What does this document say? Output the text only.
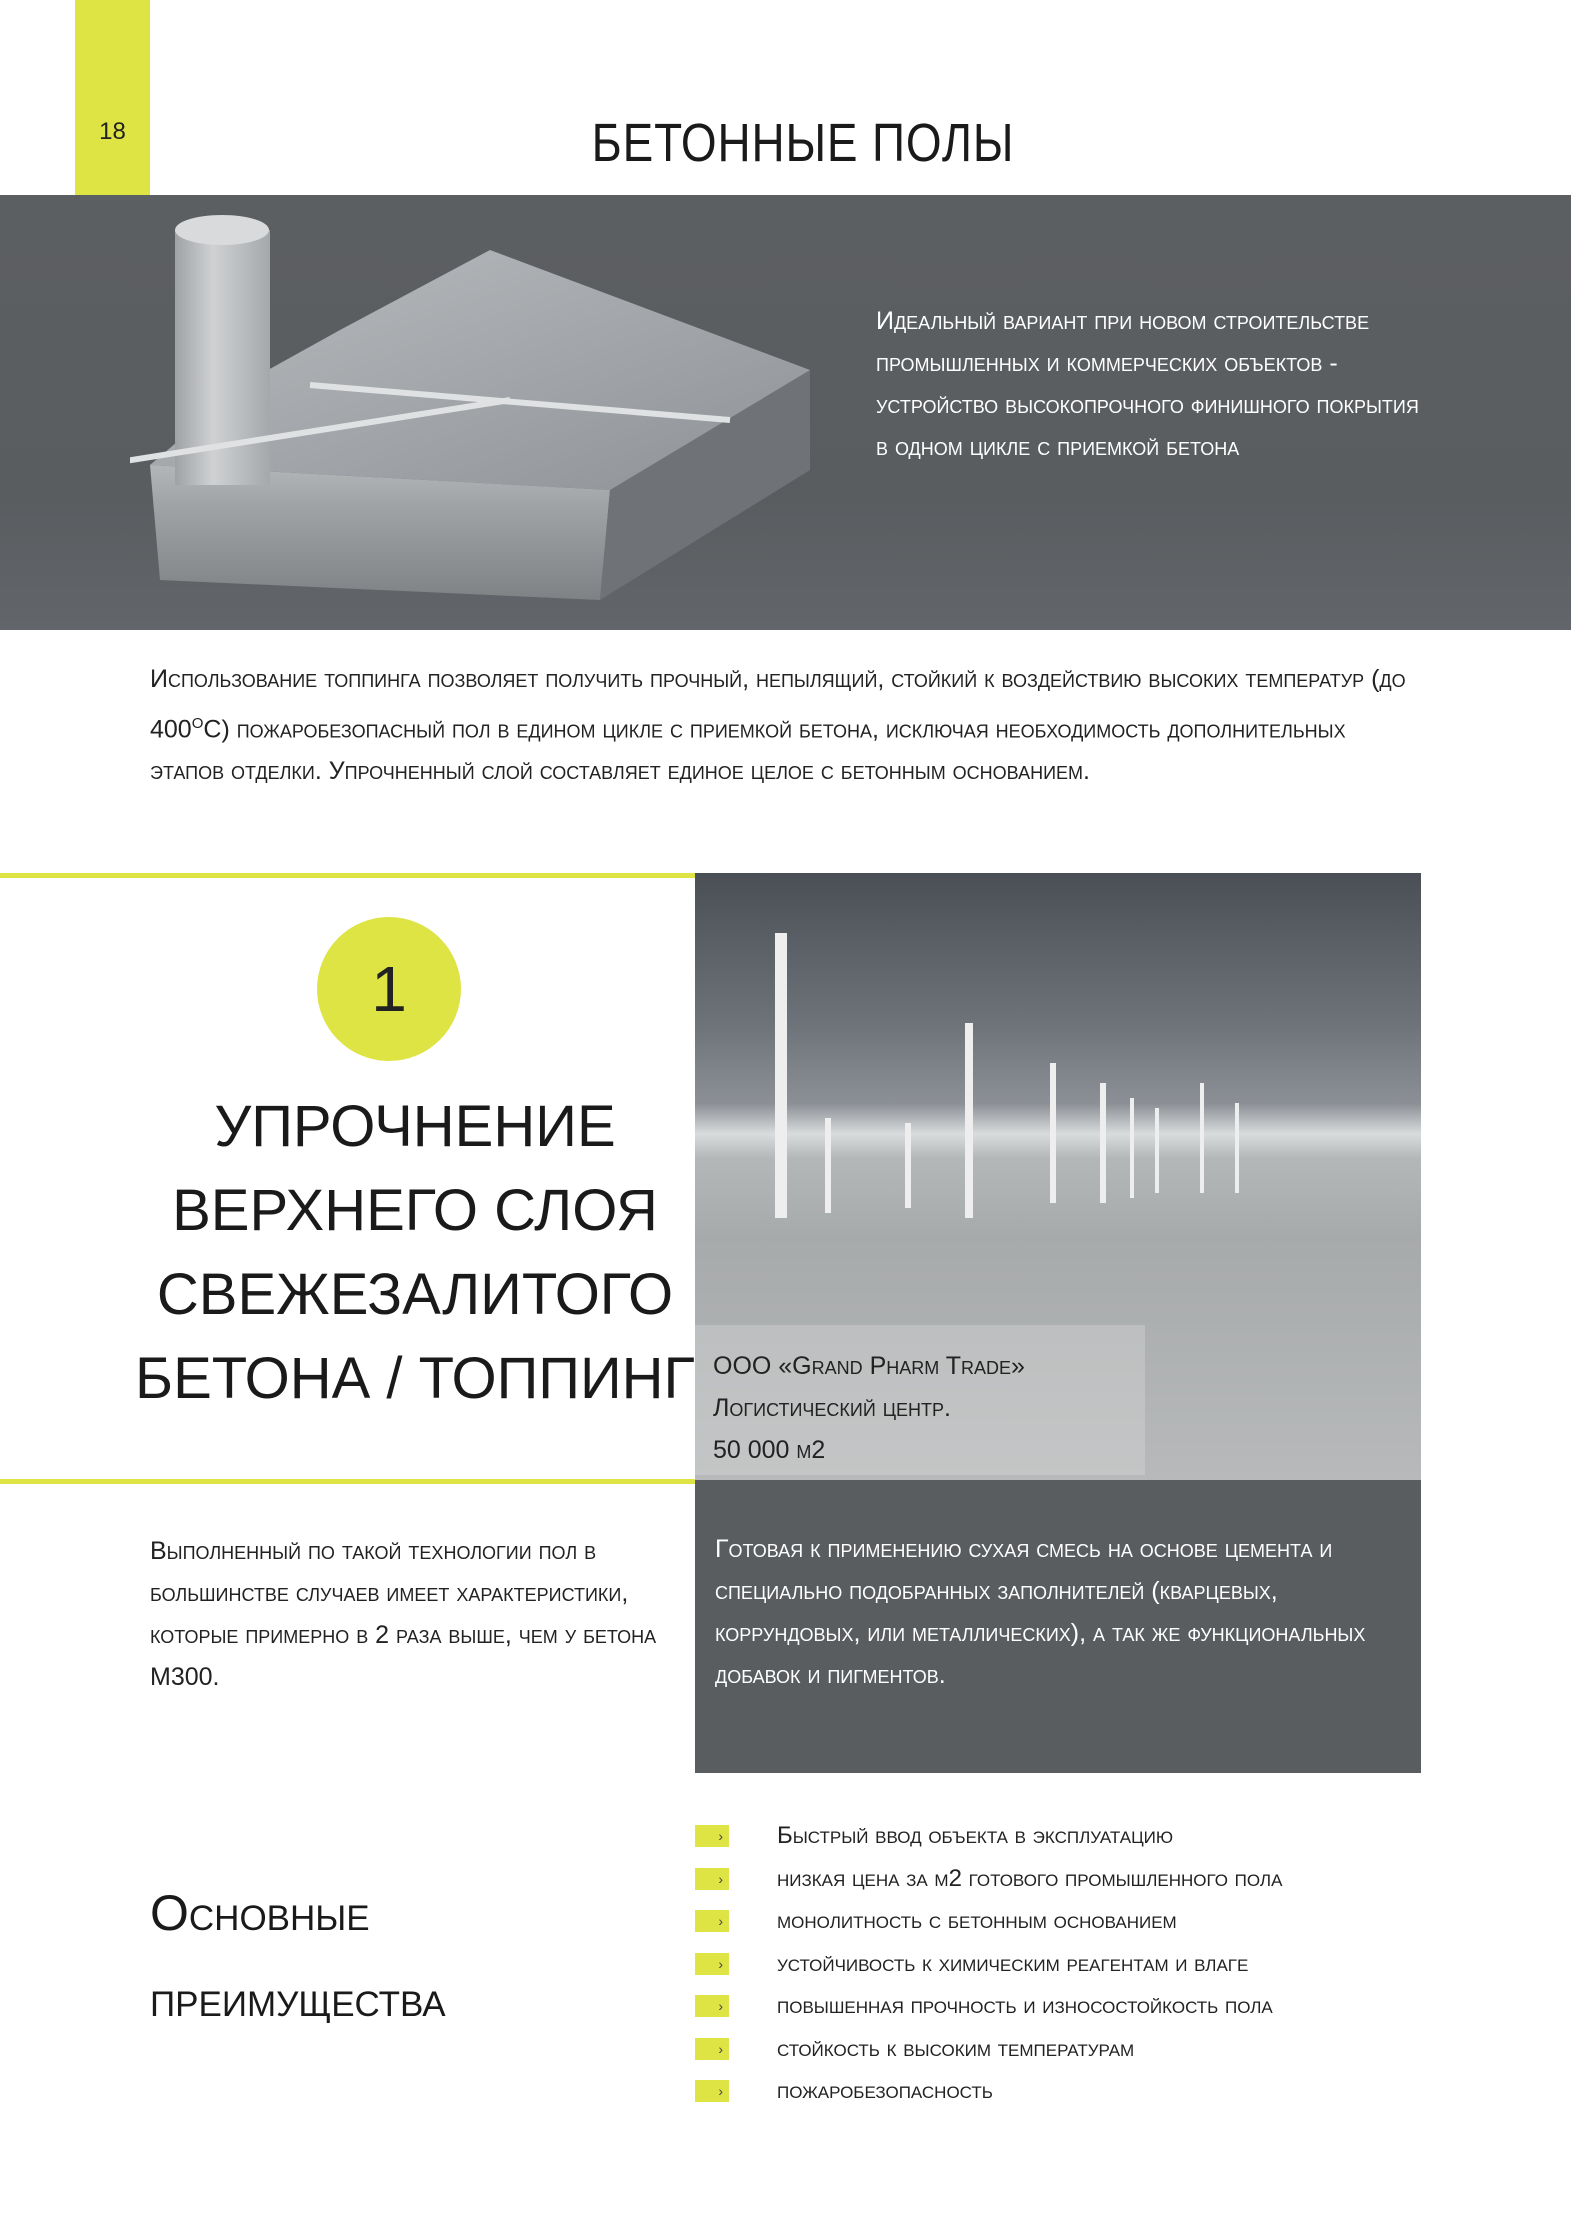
18	БЕТОННЫЕ ПОЛЫ
Идеальный вариант при новом строительстве промышленных и коммерческих объектов - устройство высокопрочного финишного покрытия в одном цикле с приемкой бетона

Использование топпинга позволяет получить прочный, непылящий, стойкий к воздействию высоких температур (до 400$^o$С) пожаробезопасный пол в едином цикле с приемкой бетона, исключая необходимость дополнительных этапов отделки. Упрочненный слой составляет единое целое с бетонным основанием.

ООО «Grand Pharm Trade»
Логистический центр.
50 000 м2
1
УПРОЧНЕНИЕ
ВЕРХНЕГО СЛОЯ
СВЕЖЕЗАЛИТОГО
БЕТОНА / ТОППИНГ
Выполненный по такой технологии пол в большинстве случаев имеет характеристики, которые примерно в 2 раза выше, чем у бетона М300.
Готовая к применению сухая смесь на основе цемента и специально подобранных заполнителей (кварцевых, коррундовых, или металлических), а так же функциональных добавок и пигментов.
Основные
преимущества
› Быстрый ввод объекта в эксплуатацию
› низкая цена за м2 готового промышленного пола
› монолитность с бетонным основанием
› устойчивость к химическим реагентам и влаге
› повышенная прочность и износостойкость пола
› стойкость к высоким температурам
› пожаробезопасность
